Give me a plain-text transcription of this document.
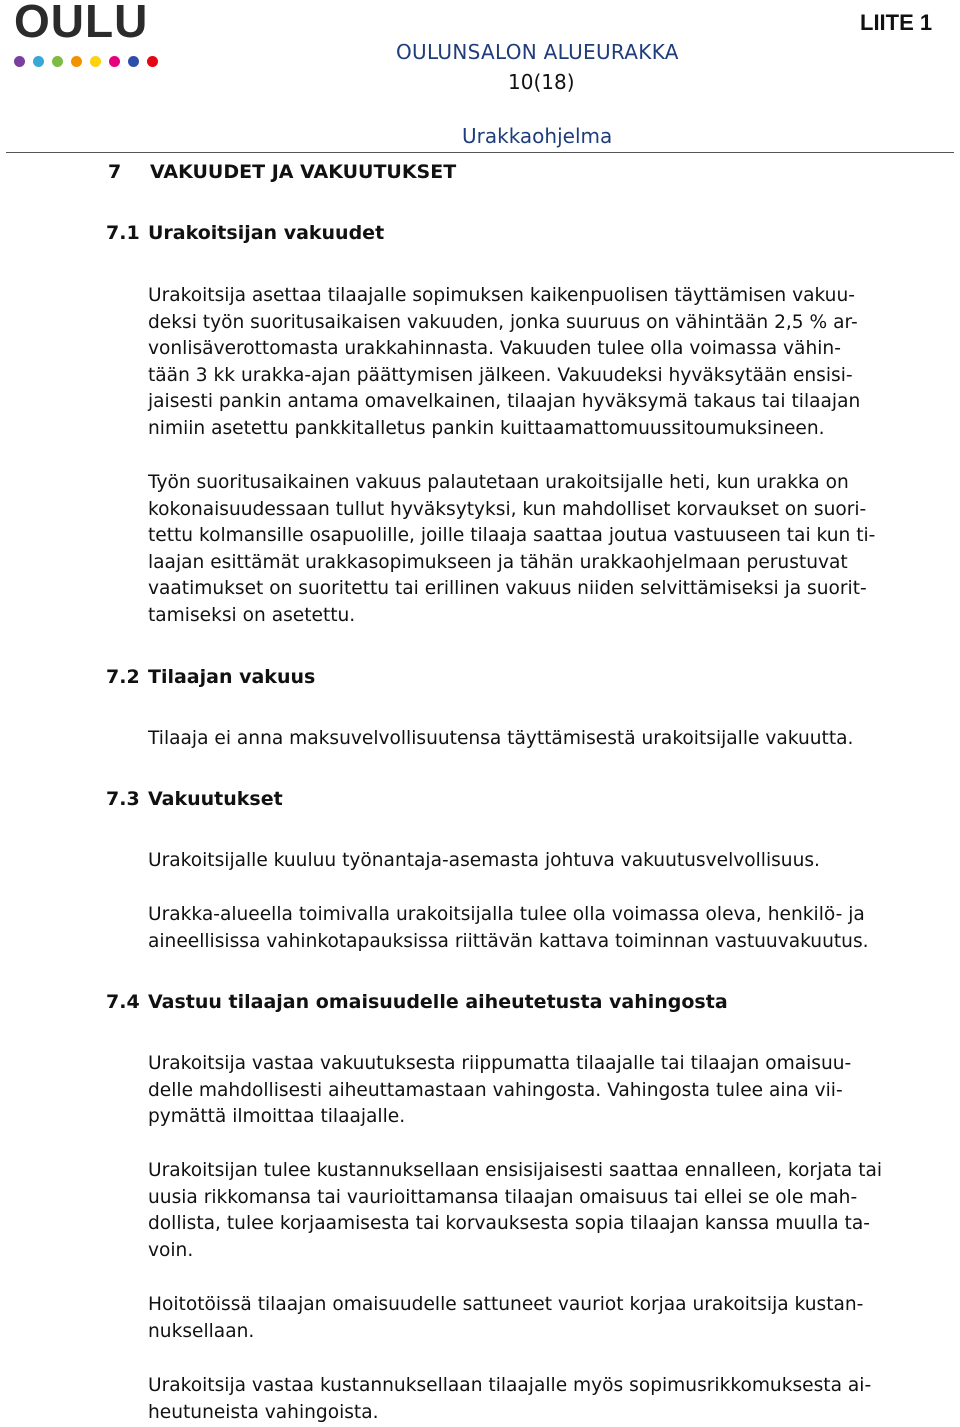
OULU
OULUNSALON ALUEURAKKA
10(18)
Urakkaohjelma
LIITE 1
7 VAKUUDET JA VAKUUTUKSET
7.1 Urakoitsijan vakuudet
Urakoitsija asettaa tilaajalle sopimuksen kaikenpuolisen täyttämisen vakuu-
deksi työn suoritusaikaisen vakuuden, jonka suuruus on vähintään 2,5 % ar-
vonlisäverottomasta urakkahinnasta. Vakuuden tulee olla voimassa vähin-
tään 3 kk urakka-ajan päättymisen jälkeen. Vakuudeksi hyväksytään ensisi-
jaisesti pankin antama omavelkainen, tilaajan hyväksymä takaus tai tilaajan
nimiin asetettu pankkitalletus pankin kuittaamattomuussitoumuksineen.
Työn suoritusaikainen vakuus palautetaan urakoitsijalle heti, kun urakka on
kokonaisuudessaan tullut hyväksytyksi, kun mahdolliset korvaukset on suori-
tettu kolmansille osapuolille, joille tilaaja saattaa joutua vastuuseen tai kun ti-
laajan esittämät urakkasopimukseen ja tähän urakkaohjelmaan perustuvat
vaatimukset on suoritettu tai erillinen vakuus niiden selvittämiseksi ja suorit-
tamiseksi on asetettu.
7.2 Tilaajan vakuus
Tilaaja ei anna maksuvelvollisuutensa täyttämisestä urakoitsijalle vakuutta.
7.3 Vakuutukset
Urakoitsijalle kuuluu työnantaja-asemasta johtuva vakuutusvelvollisuus.
Urakka-alueella toimivalla urakoitsijalla tulee olla voimassa oleva, henkilö- ja
aineellisissa vahinkotapauksissa riittävän kattava toiminnan vastuuvakuutus.
7.4 Vastuu tilaajan omaisuudelle aiheutetusta vahingosta
Urakoitsija vastaa vakuutuksesta riippumatta tilaajalle tai tilaajan omaisuu-
delle mahdollisesti aiheuttamastaan vahingosta. Vahingosta tulee aina vii-
pymättä ilmoittaa tilaajalle.
Urakoitsijan tulee kustannuksellaan ensisijaisesti saattaa ennalleen, korjata tai
uusia rikkomansa tai vaurioittamansa tilaajan omaisuus tai ellei se ole mah-
dollista, tulee korjaamisesta tai korvauksesta sopia tilaajan kanssa muulla ta-
voin.
Hoitotöissä tilaajan omaisuudelle sattuneet vauriot korjaa urakoitsija kustan-
nuksellaan.
Urakoitsija vastaa kustannuksellaan tilaajalle myös sopimusrikkomuksesta ai-
heutuneista vahingoista.
